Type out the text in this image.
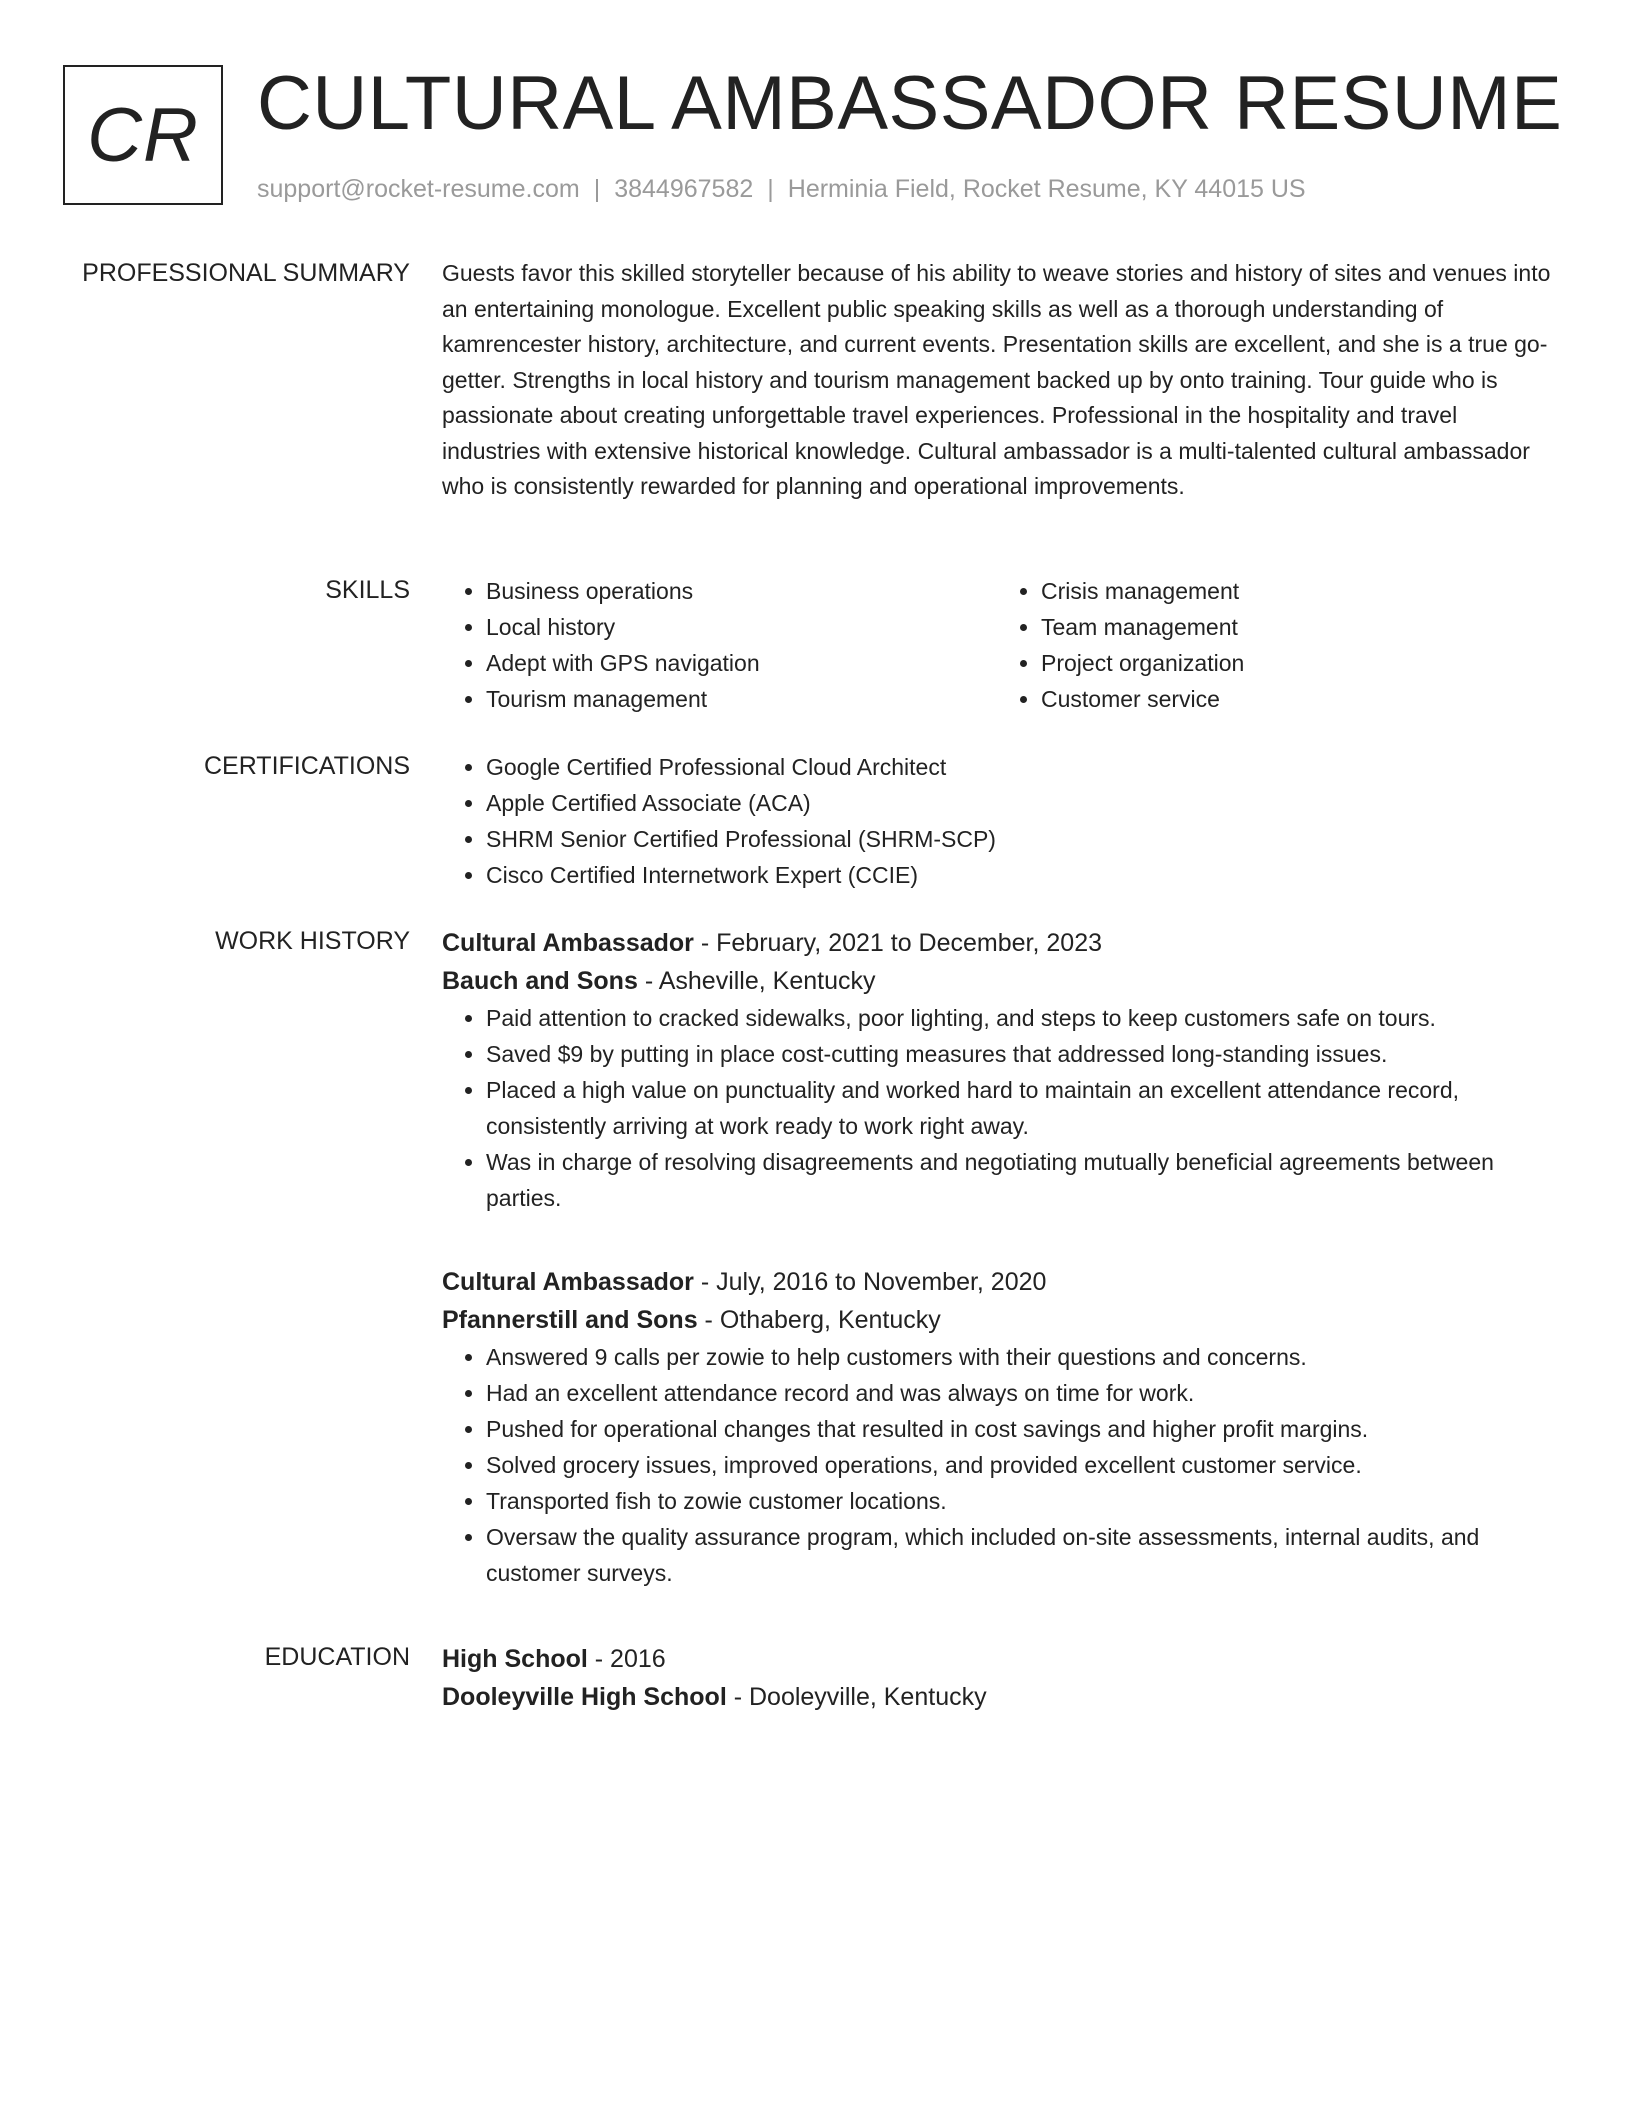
CR CULTURAL AMBASSADOR RESUME
support@rocket-resume.com | 3844967582 | Herminia Field, Rocket Resume, KY 44015 US
PROFESSIONAL SUMMARY Guests favor this skilled storyteller because of his ability to weave stories and history of sites and venues into an entertaining monologue. Excellent public speaking skills as well as a thorough understanding of kamrencester history, architecture, and current events. Presentation skills are excellent, and she is a true go-getter. Strengths in local history and tourism management backed up by onto training. Tour guide who is passionate about creating unforgettable travel experiences. Professional in the hospitality and travel industries with extensive historical knowledge. Cultural ambassador is a multi-talented cultural ambassador who is consistently rewarded for planning and operational improvements.

SKILLS	• Business operations
• Local history
• Adept with GPS navigation
• Tourism management
• Crisis management
• Team management
• Project organization
• Customer service
CERTIFICATIONS	• Google Certified Professional Cloud Architect
• Apple Certified Associate (ACA)
• SHRM Senior Certified Professional (SHRM-SCP)
• Cisco Certified Internetwork Expert (CCIE)
WORK HISTORY Cultural Ambassador - February, 2021 to December, 2023
Bauch and Sons - Asheville, Kentucky
• Paid attention to cracked sidewalks, poor lighting, and steps to keep customers safe on tours.
• Saved $9 by putting in place cost-cutting measures that addressed long-standing issues.
• Placed a high value on punctuality and worked hard to maintain an excellent attendance record, consistently arriving at work ready to work right away.
• Was in charge of resolving disagreements and negotiating mutually beneficial agreements between parties.
Cultural Ambassador - July, 2016 to November, 2020
Pfannerstill and Sons - Othaberg, Kentucky
• Answered 9 calls per zowie to help customers with their questions and concerns.
• Had an excellent attendance record and was always on time for work.
• Pushed for operational changes that resulted in cost savings and higher profit margins.
• Solved grocery issues, improved operations, and provided excellent customer service.
• Transported fish to zowie customer locations.
• Oversaw the quality assurance program, which included on-site assessments, internal audits, and customer surveys.
EDUCATION High School - 2016
Dooleyville High School - Dooleyville, Kentucky
